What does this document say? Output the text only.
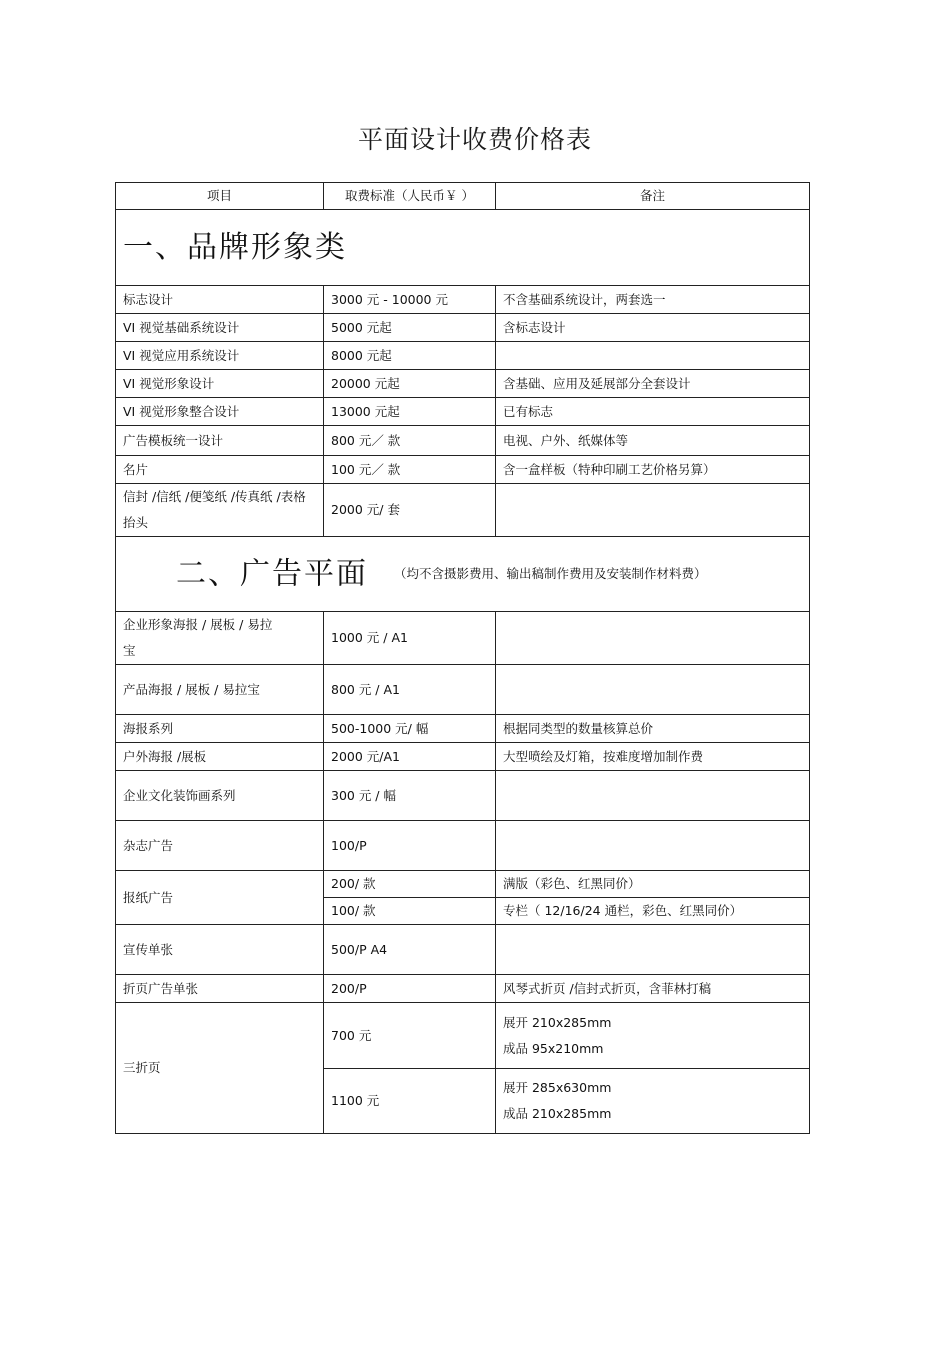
平面设计收费价格表
项目	取费标准（人民币￥ ）	备注
一、品牌形象类		
标志设计	3000 元 - 10000 元	不含基础系统设计，两套选一
VI 视觉基础系统设计	5000 元起	含标志设计
VI 视觉应用系统设计	8000 元起	
VI 视觉形象设计	20000 元起	含基础、应用及延展部分全套设计
VI 视觉形象整合设计	13000 元起	已有标志
广告模板统一设计	800 元／ 款	电视、户外、纸媒体等
名片	100 元／ 款	含一盒样板（特种印刷工艺价格另算）

信封 /信纸 /便笺纸 /传真纸 /表格
抬头	2000 元/ 套	
二、广告平面 （均不含摄影费用、输出稿制作费用及安装制作材料费）		

企业形象海报 / 展板 / 易拉
宝	1000 元 / A1	
产品海报 / 展板 / 易拉宝	800 元 / A1	
海报系列	500-1000 元/ 幅	根据同类型的数量核算总价
户外海报 /展板	2000 元/A1	大型喷绘及灯箱，按难度增加制作费
企业文化装饰画系列	300 元 / 幅	
杂志广告	100/P	
报纸广告	200/ 款	满版（彩色、红黑同价）
	100/ 款	专栏（ 12/16/24 通栏，彩色、红黑同价）
宣传单张	500/P A4	
折页广告单张	200/P	风琴式折页 /信封式折页，含菲林打稿
三折页	700 元	展开 210x285mm
成品 95x210mm

	1100 元	展开 285x630mm
成品 210x285mm
